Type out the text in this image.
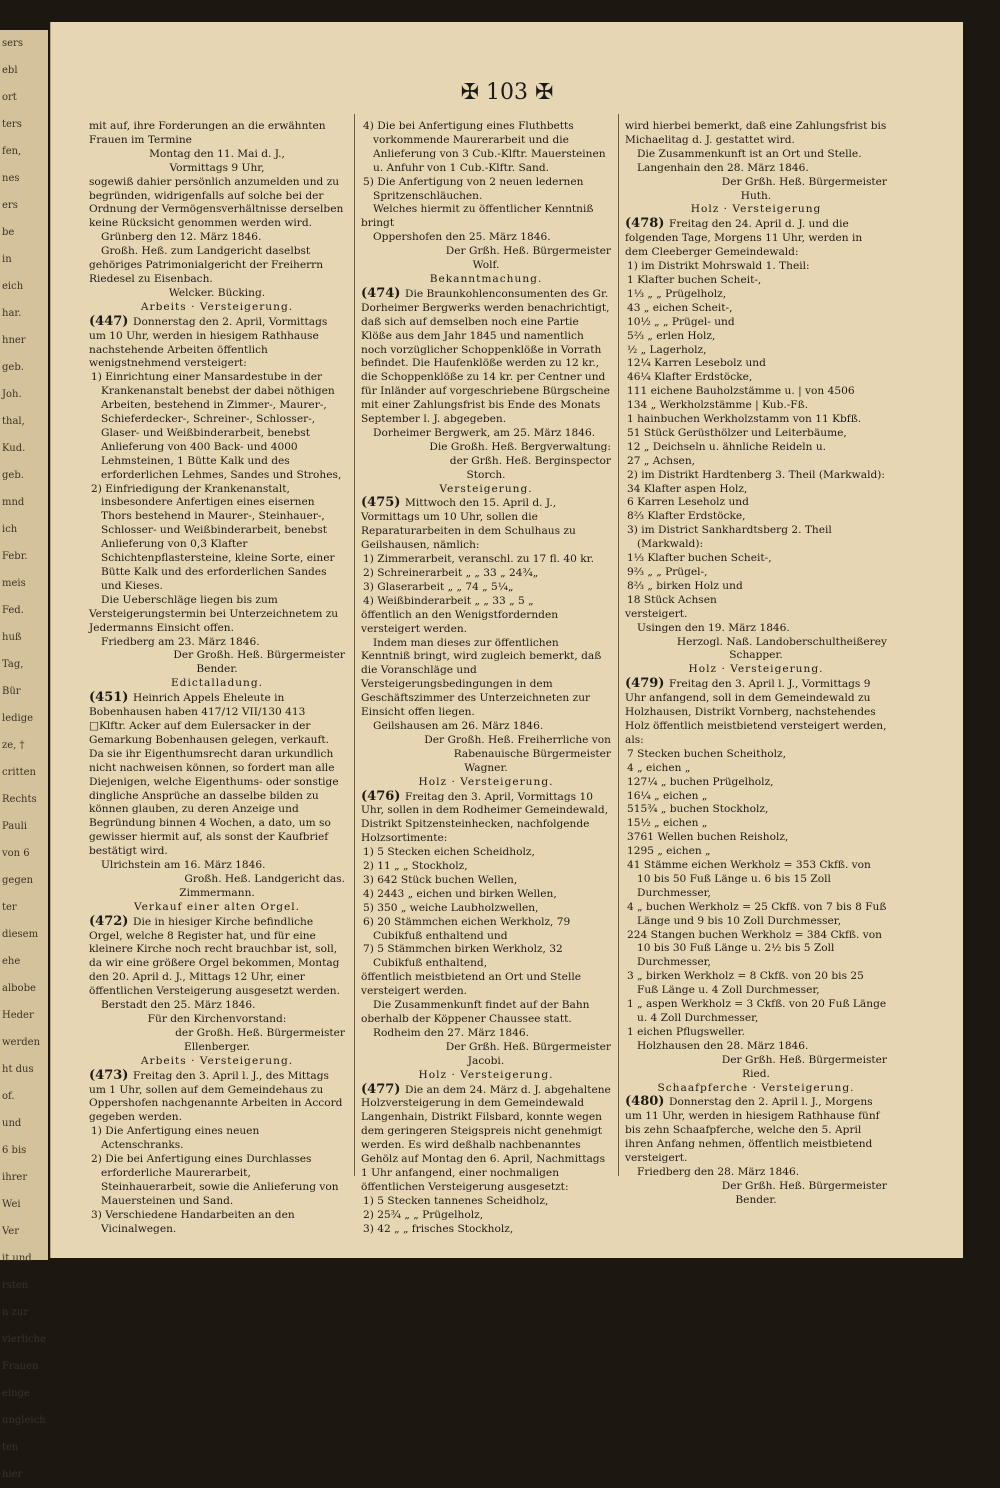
sers
ebl
ort
ters
fen,
nes
ers
be
in
eich
har.
hner
geb.
Joh.
thal,
Kud.
geb.
mnd
ich
Febr.
meis
Fed.
huß
Tag,
Bür
ledige
ze, †
critten
Rechts
Pauli
von 6
gegen
ter
diesem
ehe
albobe
Heder
werden
ht dus
of.
und
6 bis
ihrer
Wei
Ver
it und
rsten
n zur
vierliche
Frauen
einge
ungleich
ten
hier
✠ 103 ✠

mit auf, ihre Forderungen an die erwähnten Frauen im Termine

Montag den 11. Mai d. J.,

Vormittags 9 Uhr,

sogewiß dahier persönlich anzumelden und zu begründen, widrigenfalls auf solche bei der Ordnung der Vermögensverhältnisse derselben keine Rücksicht genommen werden wird.

Grünberg den 12. März 1846.

Großh. Heß. zum Landgericht daselbst gehöriges Patrimonialgericht der Freiherrn Riedesel zu Eisenbach.

Welcker. Bücking.

Arbeits · Versteigerung.

(447) Donnerstag den 2. April, Vormittags um 10 Uhr, werden in hiesigem Rathhause nachstehende Arbeiten öffentlich wenigstnehmend versteigert:

1) Einrichtung einer Mansardestube in der Krankenanstalt benebst der dabei nöthigen Arbeiten, bestehend in Zimmer-, Maurer-, Schieferdecker-, Schreiner-, Schlosser-, Glaser- und Weißbinderarbeit, benebst Anlieferung von 400 Back- und 4000 Lehmsteinen, 1 Bütte Kalk und des erforderlichen Lehmes, Sandes und Strohes,

2) Einfriedigung der Krankenanstalt, insbesondere Anfertigen eines eisernen Thors bestehend in Maurer-, Steinhauer-, Schlosser- und Weißbinderarbeit, benebst Anlieferung von 0,3 Klafter Schichtenpflastersteine, kleine Sorte, einer Bütte Kalk und des erforderlichen Sandes und Kieses.

Die Ueberschläge liegen bis zum Versteigerungstermin bei Unterzeichnetem zu Jedermanns Einsicht offen.

Friedberg am 23. März 1846.

Der Großh. Heß. Bürgermeister

Bender.

Edictalladung.

(451) Heinrich Appels Eheleute in Bobenhausen haben 417/12 VII/130 413 □Klftr. Acker auf dem Eulersacker in der Gemarkung Bobenhausen gelegen, verkauft. Da sie ihr Eigenthumsrecht daran urkundlich nicht nachweisen können, so fordert man alle Diejenigen, welche Eigenthums- oder sonstige dingliche Ansprüche an dasselbe bilden zu können glauben, zu deren Anzeige und Begründung binnen 4 Wochen, a dato, um so gewisser hiermit auf, als sonst der Kaufbrief bestätigt wird.

Ulrichstein am 16. März 1846.

Großh. Heß. Landgericht das.

Zimmermann.

Verkauf einer alten Orgel.

(472) Die in hiesiger Kirche befindliche Orgel, welche 8 Register hat, und für eine kleinere Kirche noch recht brauchbar ist, soll, da wir eine größere Orgel bekommen, Montag den 20. April d. J., Mittags 12 Uhr, einer öffentlichen Versteigerung ausgesetzt werden.

Berstadt den 25. März 1846.

Für den Kirchenvorstand:

der Großh. Heß. Bürgermeister

Ellenberger.

Arbeits · Versteigerung.

(473) Freitag den 3. April l. J., des Mittags um 1 Uhr, sollen auf dem Gemeindehaus zu Oppershofen nachgenannte Arbeiten in Accord gegeben werden.

1) Die Anfertigung eines neuen Actenschranks.

2) Die bei Anfertigung eines Durchlasses erforderliche Maurerarbeit, Steinhauerarbeit, sowie die Anlieferung von Mauersteinen und Sand.

3) Verschiedene Handarbeiten an den Vicinalwegen.

4) Die bei Anfertigung eines Fluthbetts vorkommende Maurerarbeit und die Anlieferung von 3 Cub.-Klftr. Mauersteinen u. Anfuhr von 1 Cub.-Klftr. Sand.

5) Die Anfertigung von 2 neuen ledernen Spritzenschläuchen.

Welches hiermit zu öffentlicher Kenntniß bringt

Oppershofen den 25. März 1846.

Der Grßh. Heß. Bürgermeister

Wolf.

Bekanntmachung.

(474) Die Braunkohlenconsumenten des Gr. Dorheimer Bergwerks werden benachrichtigt, daß sich auf demselben noch eine Partie Klöße aus dem Jahr 1845 und namentlich noch vorzüglicher Schoppenklöße in Vorrath befindet. Die Haufenklöße werden zu 12 kr., die Schoppenklöße zu 14 kr. per Centner und für Inländer auf vorgeschriebene Bürgscheine mit einer Zahlungsfrist bis Ende des Monats September l. J. abgegeben.

Dorheimer Bergwerk, am 25. März 1846.

Die Großh. Heß. Bergverwaltung:

der Grßh. Heß. Berginspector

Storch.

Versteigerung.

(475) Mittwoch den 15. April d. J., Vormittags um 10 Uhr, sollen die Reparaturarbeiten in dem Schulhaus zu Geilshausen, nämlich:

1) Zimmerarbeit, veranschl. zu 17 fl. 40 kr.

2) Schreinerarbeit „ „ 33 „ 24¾„

3) Glaserarbeit „ „ 74 „ 5¼„

4) Weißbinderarbeit „ „ 33 „ 5 „

öffentlich an den Wenigstfordernden versteigert werden.

Indem man dieses zur öffentlichen Kenntniß bringt, wird zugleich bemerkt, daß die Voranschläge und Versteigerungsbedingungen in dem Geschäftszimmer des Unterzeichneten zur Einsicht offen liegen.

Geilshausen am 26. März 1846.

Der Großh. Heß. Freiherrliche von Rabenauische Bürgermeister

Wagner.

Holz · Versteigerung.

(476) Freitag den 3. April, Vormittags 10 Uhr, sollen in dem Rodheimer Gemeindewald, Distrikt Spitzensteinhecken, nachfolgende Holzsortimente:

1) 5 Stecken eichen Scheidholz,

2) 11 „ „ Stockholz,

3) 642 Stück buchen Wellen,

4) 2443 „ eichen und birken Wellen,

5) 350 „ weiche Laubholzwellen,

6) 20 Stämmchen eichen Werkholz, 79 Cubikfuß enthaltend und

7) 5 Stämmchen birken Werkholz, 32 Cubikfuß enthaltend,

öffentlich meistbietend an Ort und Stelle versteigert werden.

Die Zusammenkunft findet auf der Bahn oberhalb der Köppener Chaussee statt.

Rodheim den 27. März 1846.

Der Grßh. Heß. Bürgermeister

Jacobi.

Holz · Versteigerung.

(477) Die an dem 24. März d. J. abgehaltene Holzversteigerung in dem Gemeindewald Langenhain, Distrikt Filsbard, konnte wegen dem geringeren Steigspreis nicht genehmigt werden. Es wird deßhalb nachbenanntes Gehölz auf Montag den 6. April, Nachmittags 1 Uhr anfangend, einer nochmaligen öffentlichen Versteigerung ausgesetzt:

1) 5 Stecken tannenes Scheidholz,

2) 25¾ „ „ Prügelholz,

3) 42 „ „ frisches Stockholz,

wird hierbei bemerkt, daß eine Zahlungsfrist bis Michaelitag d. J. gestattet wird.

Die Zusammenkunft ist an Ort und Stelle.

Langenhain den 28. März 1846.

Der Grßh. Heß. Bürgermeister

Huth.

Holz · Versteigerung

(478) Freitag den 24. April d. J. und die folgenden Tage, Morgens 11 Uhr, werden in dem Cleeberger Gemeindewald:

1) im Distrikt Mohrswald 1. Theil:

1 Klafter buchen Scheit-,

1⅓ „ „ Prügelholz,

43 „ eichen Scheit-,

10½ „ „ Prügel- und

5⅔ „ erlen Holz,

½ „ Lagerholz,

12¼ Karren Lesebolz und

46¼ Klafter Erdstöcke,

111 eichene Bauholzstämme u. | von 4506

134 „ Werkholzstämme | Kub.-Fß.

1 hainbuchen Werkholzstamm von 11 Kbfß.

51 Stück Gerüsthölzer und Leiterbäume,

12 „ Deichseln u. ähnliche Reideln u.

27 „ Achsen,

2) im Distrikt Hardtenberg 3. Theil (Markwald):

34 Klafter aspen Holz,

6 Karren Leseholz und

8⅔ Klafter Erdstöcke,

3) im District Sankhardtsberg 2. Theil (Markwald):

1⅓ Klafter buchen Scheit-,

9⅔ „ „ Prügel-,

8⅔ „ birken Holz und

18 Stück Achsen

versteigert.

Usingen den 19. März 1846.

Herzogl. Naß. Landoberschultheißerey

Schapper.

Holz · Versteigerung.

(479) Freitag den 3. April l. J., Vormittags 9 Uhr anfangend, soll in dem Gemeindewald zu Holzhausen, Distrikt Vornberg, nachstehendes Holz öffentlich meistbietend versteigert werden, als:

7 Stecken buchen Scheitholz,

4 „ eichen „

127¼ „ buchen Prügelholz,

16¼ „ eichen „

515¾ „ buchen Stockholz,

15½ „ eichen „

3761 Wellen buchen Reisholz,

1295 „ eichen „

41 Stämme eichen Werkholz = 353 Ckfß. von 10 bis 50 Fuß Länge u. 6 bis 15 Zoll Durchmesser,

4 „ buchen Werkholz = 25 Ckfß. von 7 bis 8 Fuß Länge und 9 bis 10 Zoll Durchmesser,

224 Stangen buchen Werkholz = 384 Ckfß. von 10 bis 30 Fuß Länge u. 2½ bis 5 Zoll Durchmesser,

3 „ birken Werkholz = 8 Ckfß. von 20 bis 25 Fuß Länge u. 4 Zoll Durchmesser,

1 „ aspen Werkholz = 3 Ckfß. von 20 Fuß Länge u. 4 Zoll Durchmesser,

1 eichen Pflugsweller.

Holzhausen den 28. März 1846.

Der Grßh. Heß. Bürgermeister

Ried.

Schaafpferche · Versteigerung.

(480) Donnerstag den 2. April l. J., Morgens um 11 Uhr, werden in hiesigem Rathhause fünf bis zehn Schaafpferche, welche den 5. April ihren Anfang nehmen, öffentlich meistbietend versteigert.

Friedberg den 28. März 1846.

Der Grßh. Heß. Bürgermeister

Bender.
